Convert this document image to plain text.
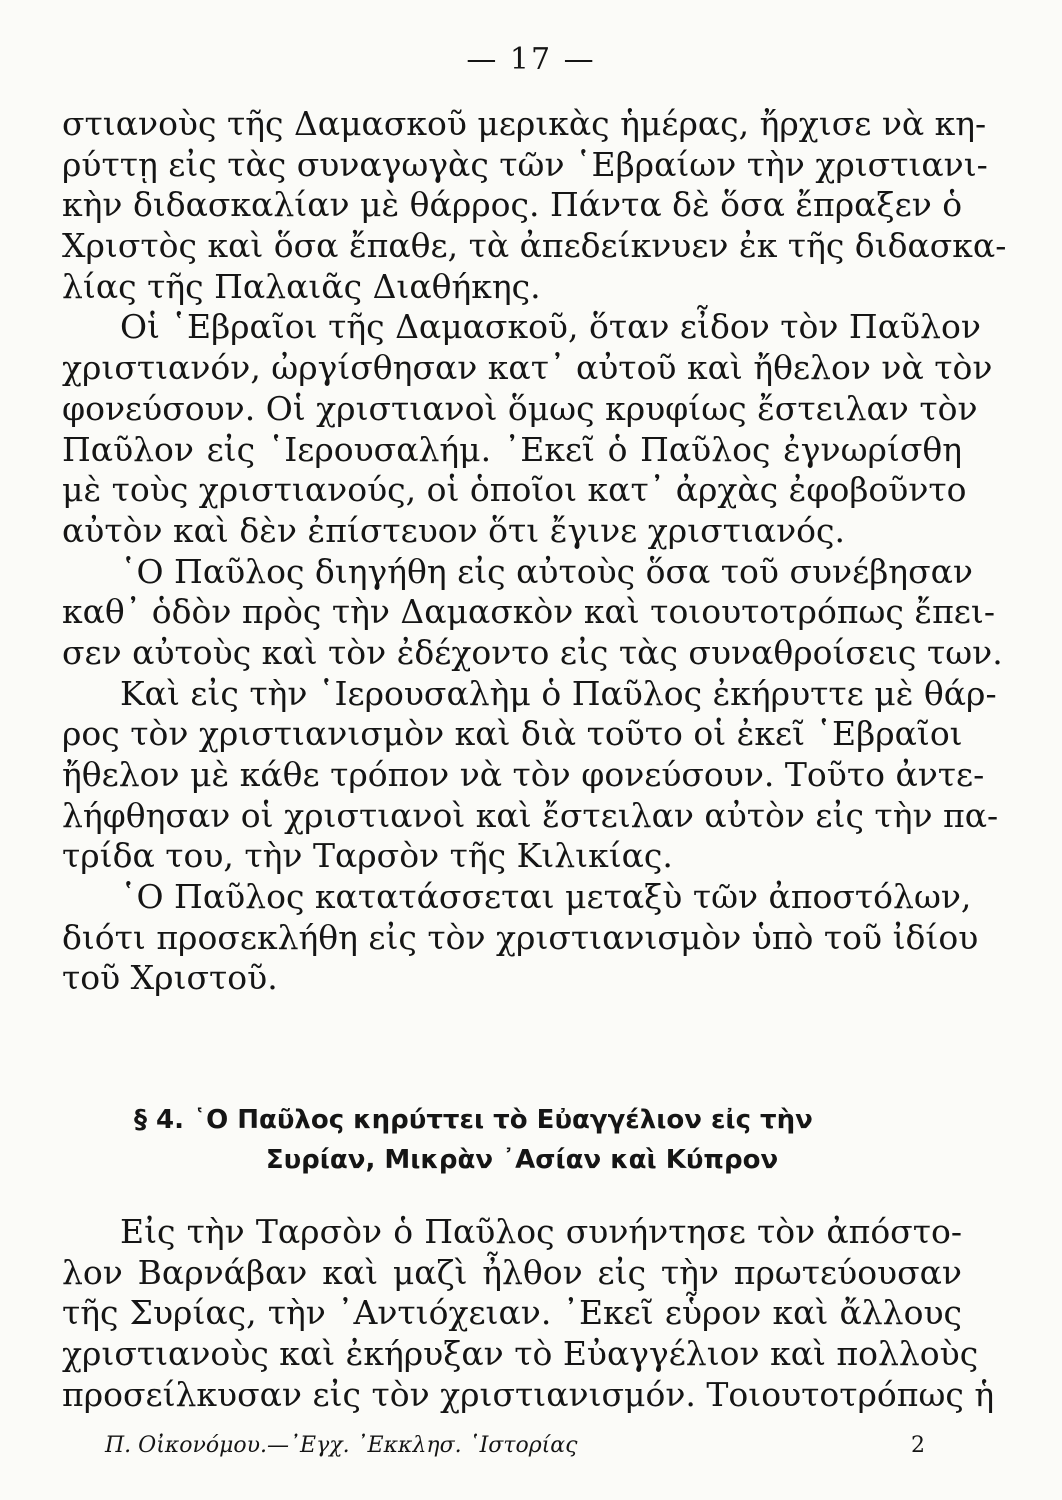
— 17 —
στιανοὺς τῆς Δαμασκοῦ μερικὰς ἡμέρας, ἤρχισε νὰ κη-
ρύττῃ εἰς τὰς συναγωγὰς τῶν ῾Εβραίων τὴν χριστιανι-
κὴν διδασκαλίαν μὲ θάρρος. Πάντα δὲ ὅσα ἔπραξεν ὁ
Χριστὸς καὶ ὅσα ἔπαθε, τὰ ἀπεδείκνυεν ἐκ τῆς διδασκα-
λίας τῆς Παλαιᾶς Διαθήκης.
Οἱ ῾Εβραῖοι τῆς Δαμασκοῦ, ὅταν εἶδον τὸν Παῦλον
χριστιανόν, ὠργίσθησαν κατ᾽ αὐτοῦ καὶ ἤθελον νὰ τὸν
φονεύσουν. Οἱ χριστιανοὶ ὅμως κρυφίως ἔστειλαν τὸν
Παῦλον εἰς ῾Ιερουσαλήμ. ᾽Εκεῖ ὁ Παῦλος ἐγνωρίσθη
μὲ τοὺς χριστιανούς, οἱ ὁποῖοι κατ᾽ ἀρχὰς ἐφοβοῦντο
αὐτὸν καὶ δὲν ἐπίστευον ὅτι ἔγινε χριστιανός.
῾Ο Παῦλος διηγήθη εἰς αὐτοὺς ὅσα τοῦ συνέβησαν
καθ᾽ ὁδὸν πρὸς τὴν Δαμασκὸν καὶ τοιουτοτρόπως ἔπει-
σεν αὐτοὺς καὶ τὸν ἐδέχοντο εἰς τὰς συναθροίσεις των.
Καὶ εἰς τὴν ῾Ιερουσαλὴμ ὁ Παῦλος ἐκήρυττε μὲ θάρ-
ρος τὸν χριστιανισμὸν καὶ διὰ τοῦτο οἱ ἐκεῖ ῾Εβραῖοι
ἤθελον μὲ κάθε τρόπον νὰ τὸν φονεύσουν. Τοῦτο ἀντε-
λήφθησαν οἱ χριστιανοὶ καὶ ἔστειλαν αὐτὸν εἰς τὴν πα-
τρίδα του, τὴν Ταρσὸν τῆς Κιλικίας.
῾Ο Παῦλος κατατάσσεται μεταξὺ τῶν ἀποστόλων,
διότι προσεκλήθη εἰς τὸν χριστιανισμὸν ὑπὸ τοῦ ἰδίου
τοῦ Χριστοῦ.
§ 4. ῾Ο Παῦλος κηρύττει τὸ Εὐαγγέλιον εἰς τὴν
Συρίαν, Μικρὰν ᾽Ασίαν καὶ Κύπρον
Εἰς τὴν Ταρσὸν ὁ Παῦλος συνήντησε τὸν ἀπόστο-
λον Βαρνάβαν καὶ μαζὶ ἦλθον εἰς τὴν πρωτεύουσαν
τῆς Συρίας, τὴν ᾽Αντιόχειαν. ᾽Εκεῖ εὗρον καὶ ἄλλους
χριστιανοὺς καὶ ἐκήρυξαν τὸ Εὐαγγέλιον καὶ πολλοὺς
προσείλκυσαν εἰς τὸν χριστιανισμόν. Τοιουτοτρόπως ἡ
Π. Οἰκονόμου.—᾽Εγχ. ᾽Εκκλησ. ῾Ιστορίας	2
